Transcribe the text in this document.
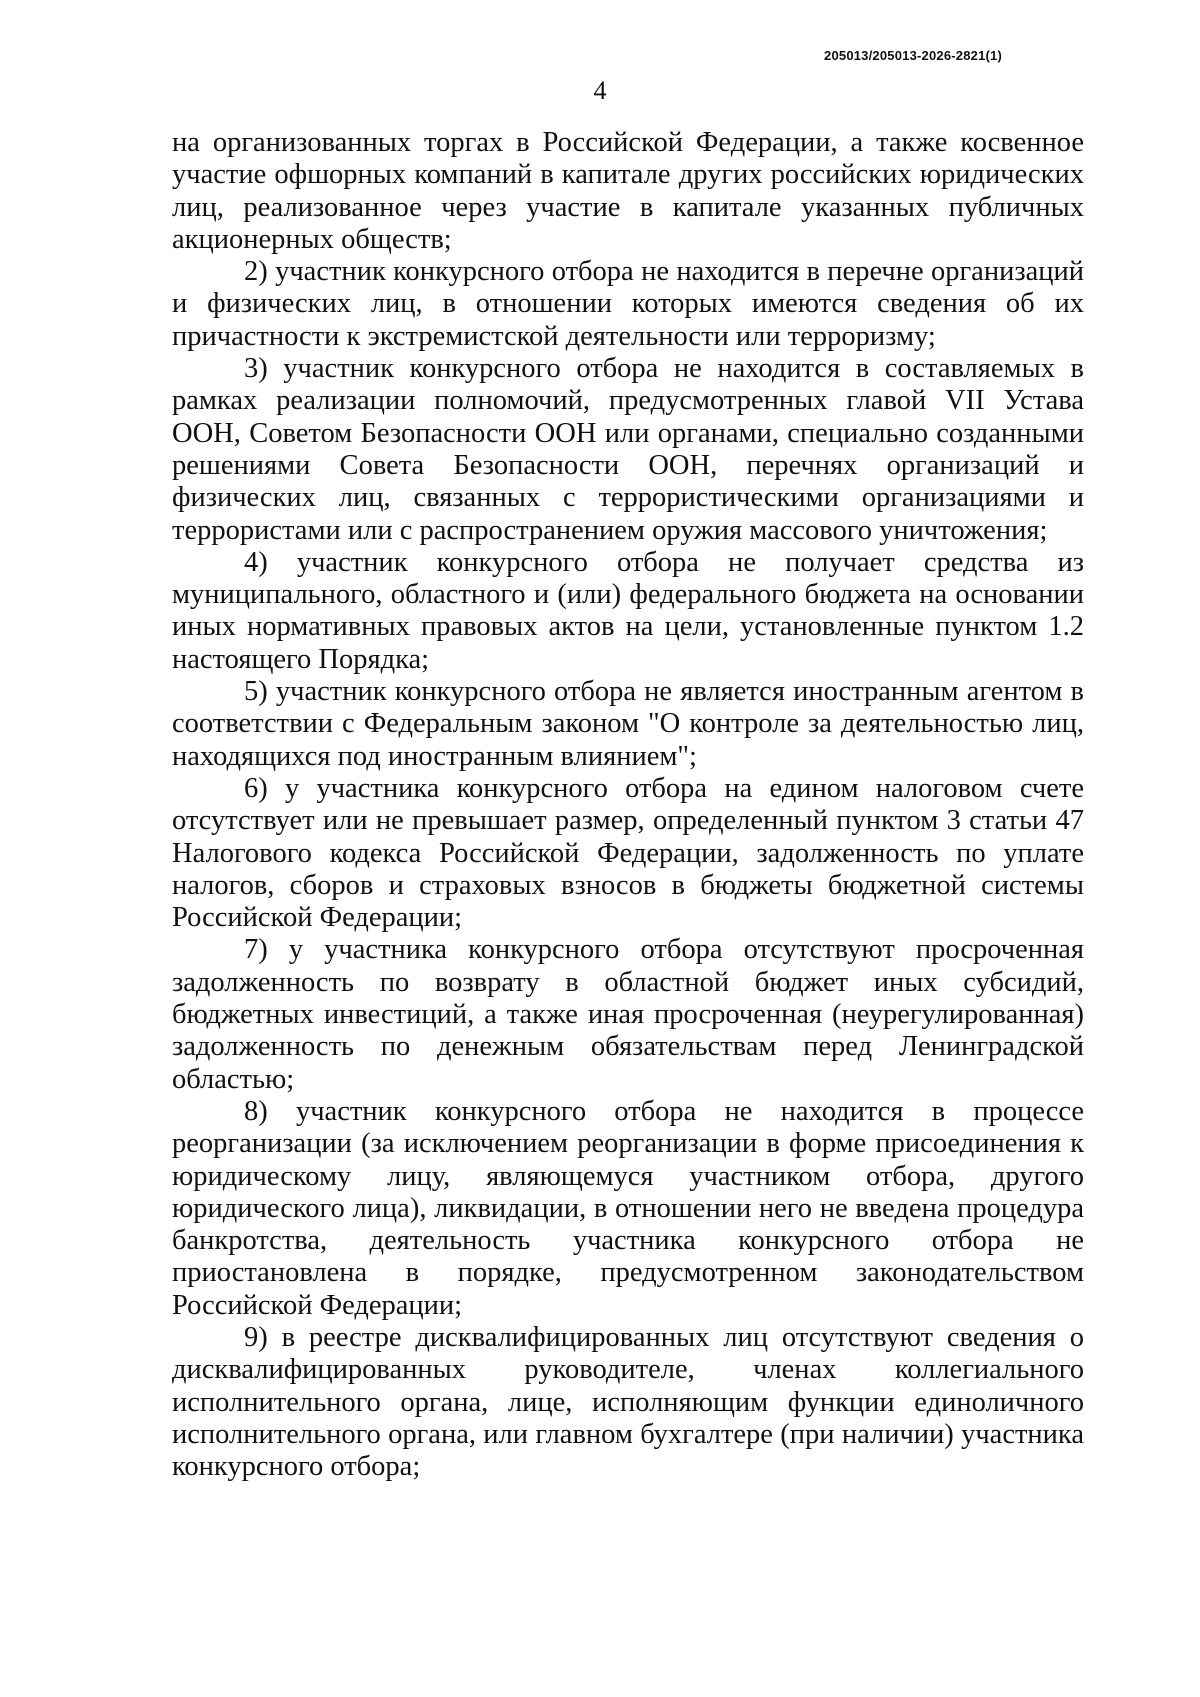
205013/205013-2026-2821(1)
4

на организованных торгах в Российской Федерации, а также косвенное участие офшорных компаний в капитале других российских юридических лиц, реализованное через участие в капитале указанных публичных акционерных обществ;

2) участник конкурсного отбора не находится в перечне организаций и физических лиц, в отношении которых имеются сведения об их причастности к экстремистской деятельности или терроризму;

3) участник конкурсного отбора не находится в составляемых в рамках реализации полномочий, предусмотренных главой VII Устава ООН, Советом Безопасности ООН или органами, специально созданными решениями Совета Безопасности ООН, перечнях организаций и физических лиц, связанных с террористическими организациями и террористами или с распространением оружия массового уничтожения;

4) участник конкурсного отбора не получает средства из муниципального, областного и (или) федерального бюджета на основании иных нормативных правовых актов на цели, установленные пунктом 1.2 настоящего Порядка;

5) участник конкурсного отбора не является иностранным агентом в соответствии с Федеральным законом "О контроле за деятельностью лиц, находящихся под иностранным влиянием";

6) у участника конкурсного отбора на едином налоговом счете отсутствует или не превышает размер, определенный пунктом 3 статьи 47 Налогового кодекса Российской Федерации, задолженность по уплате налогов, сборов и страховых взносов в бюджеты бюджетной системы Российской Федерации;

7) у участника конкурсного отбора отсутствуют просроченная задолженность по возврату в областной бюджет иных субсидий, бюджетных инвестиций, а также иная просроченная (неурегулированная) задолженность по денежным обязательствам перед Ленинградской областью;

8) участник конкурсного отбора не находится в процессе реорганизации (за исключением реорганизации в форме присоединения к юридическому лицу, являющемуся участником отбора, другого юридического лица), ликвидации, в отношении него не введена процедура банкротства, деятельность участника конкурсного отбора не приостановлена в порядке, предусмотренном законодательством Российской Федерации;

9) в реестре дисквалифицированных лиц отсутствуют сведения о дисквалифицированных руководителе, членах коллегиального исполнительного органа, лице, исполняющим функции единоличного исполнительного органа, или главном бухгалтере (при наличии) участника конкурсного отбора;
